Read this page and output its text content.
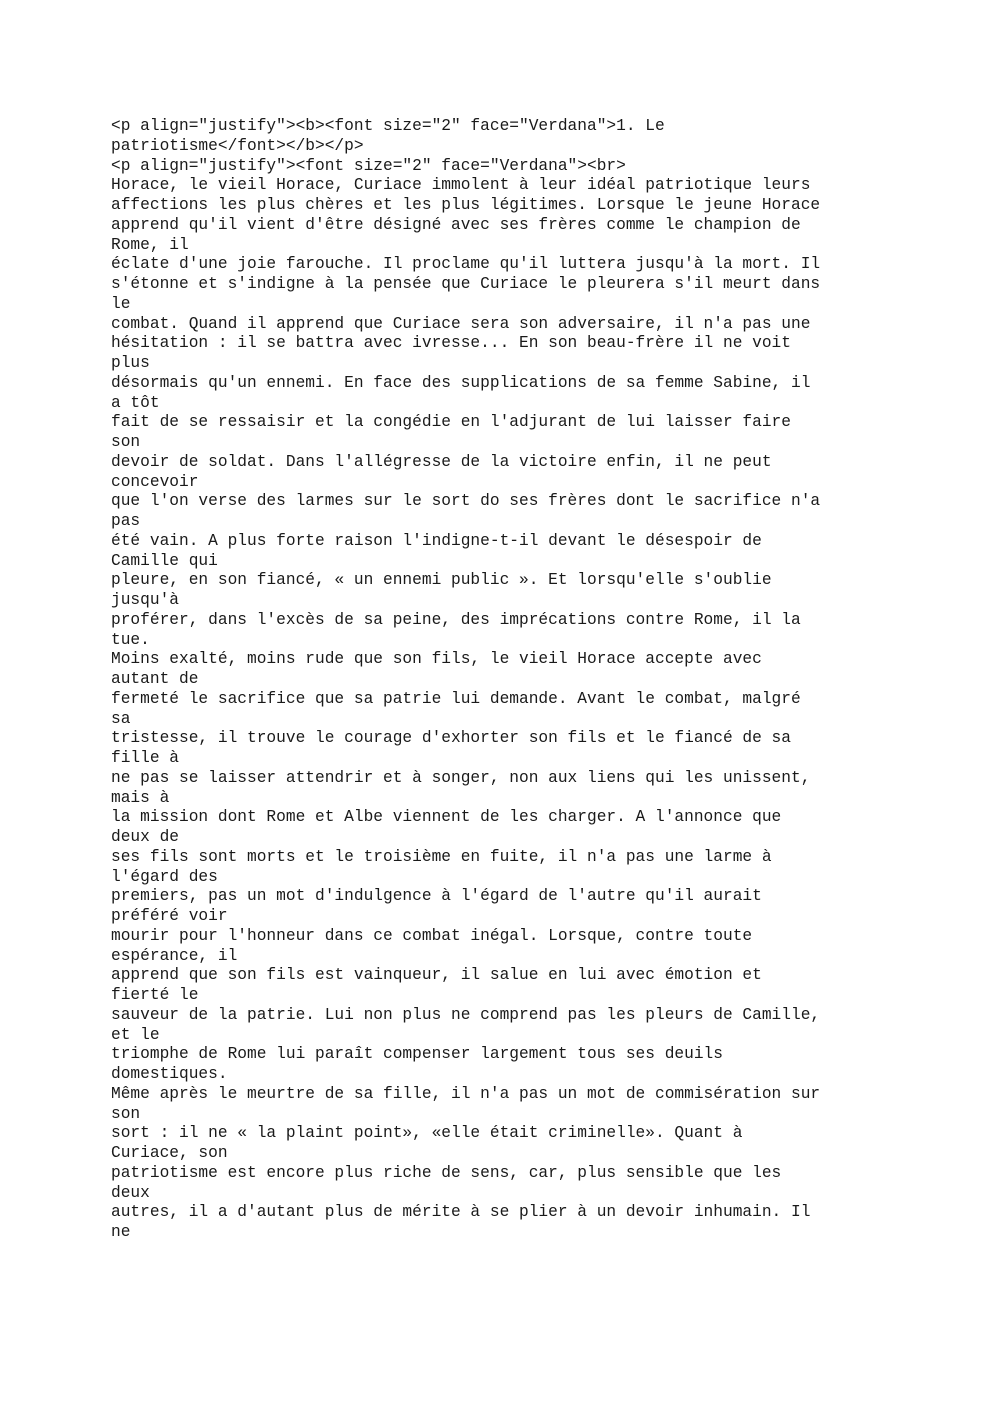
<p align="justify"><b><font size="2" face="Verdana">1. Le
patriotisme</font></b></p>
<p align="justify"><font size="2" face="Verdana"><br>
Horace, le vieil Horace, Curiace immolent à leur idéal patriotique leurs
affections les plus chères et les plus légitimes. Lorsque le jeune Horace
apprend qu'il vient d'être désigné avec ses frères comme le champion de
Rome, il
éclate d'une joie farouche. Il proclame qu'il luttera jusqu'à la mort. Il
s'étonne et s'indigne à la pensée que Curiace le pleurera s'il meurt dans
le
combat. Quand il apprend que Curiace sera son adversaire, il n'a pas une
hésitation : il se battra avec ivresse... En son beau-frère il ne voit
plus
désormais qu'un ennemi. En face des supplications de sa femme Sabine, il
a tôt
fait de se ressaisir et la congédie en l'adjurant de lui laisser faire
son
devoir de soldat. Dans l'allégresse de la victoire enfin, il ne peut
concevoir
que l'on verse des larmes sur le sort do ses frères dont le sacrifice n'a
pas
été vain. A plus forte raison l'indigne-t-il devant le désespoir de
Camille qui
pleure, en son fiancé, « un ennemi public ». Et lorsqu'elle s'oublie
jusqu'à
proférer, dans l'excès de sa peine, des imprécations contre Rome, il la
tue.
Moins exalté, moins rude que son fils, le vieil Horace accepte avec
autant de
fermeté le sacrifice que sa patrie lui demande. Avant le combat, malgré
sa
tristesse, il trouve le courage d'exhorter son fils et le fiancé de sa
fille à
ne pas se laisser attendrir et à songer, non aux liens qui les unissent,
mais à
la mission dont Rome et Albe viennent de les charger. A l'annonce que
deux de
ses fils sont morts et le troisième en fuite, il n'a pas une larme à
l'égard des
premiers, pas un mot d'indulgence à l'égard de l'autre qu'il aurait
préféré voir
mourir pour l'honneur dans ce combat inégal. Lorsque, contre toute
espérance, il
apprend que son fils est vainqueur, il salue en lui avec émotion et
fierté le
sauveur de la patrie. Lui non plus ne comprend pas les pleurs de Camille,
et le
triomphe de Rome lui paraît compenser largement tous ses deuils
domestiques.
Même après le meurtre de sa fille, il n'a pas un mot de commisération sur
son
sort : il ne « la plaint point», «elle était criminelle». Quant à
Curiace, son
patriotisme est encore plus riche de sens, car, plus sensible que les
deux
autres, il a d'autant plus de mérite à se plier à un devoir inhumain. Il
ne
